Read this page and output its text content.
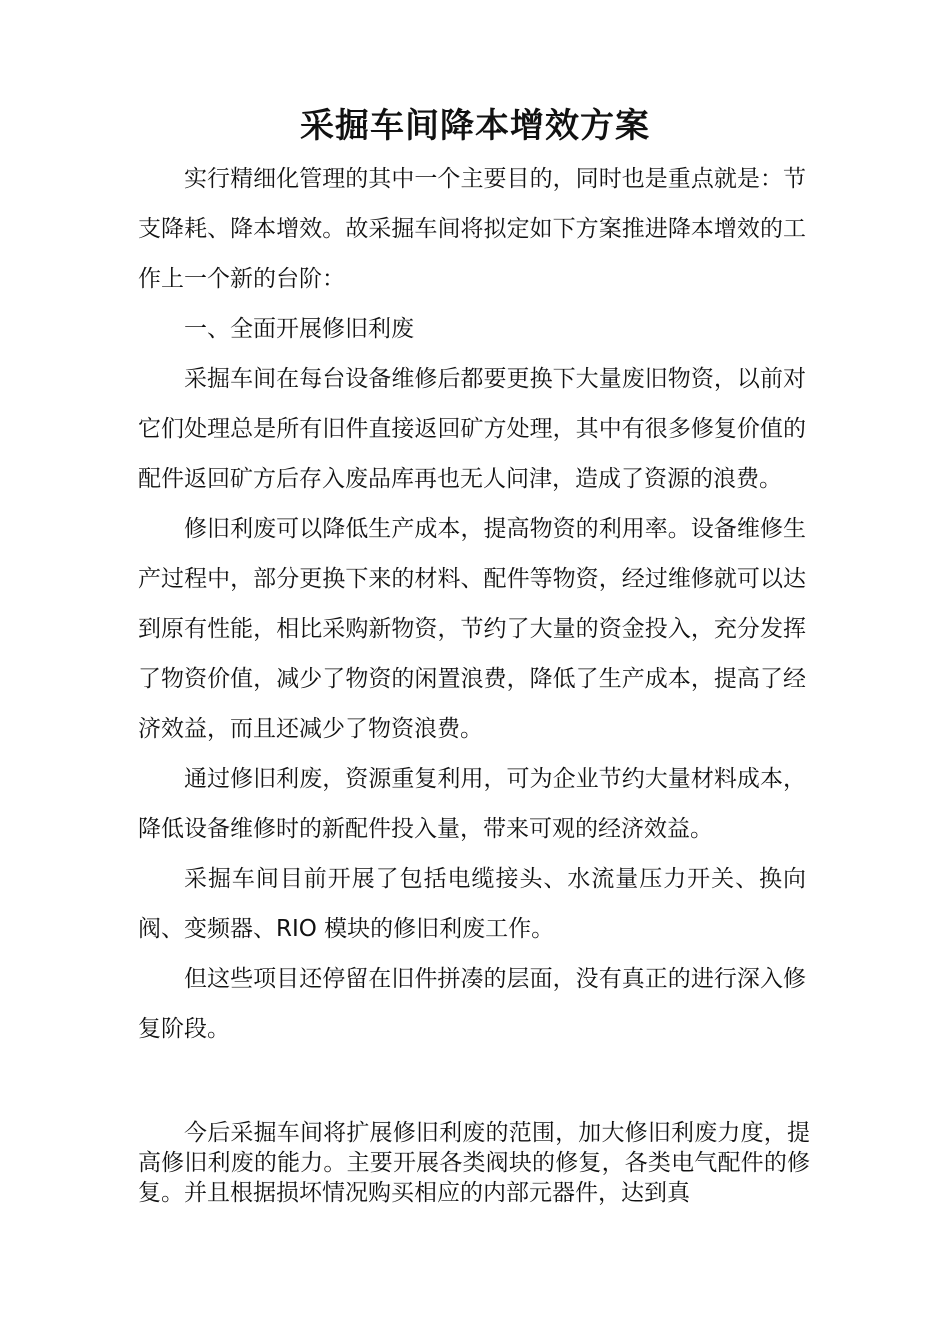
采掘车间降本增效方案

实行精细化管理的其中一个主要目的，同时也是重点就是：节支降耗、降本增效。故采掘车间将拟定如下方案推进降本增效的工作上一个新的台阶：

一、全面开展修旧利废

采掘车间在每台设备维修后都要更换下大量废旧物资，以前对它们处理总是所有旧件直接返回矿方处理，其中有很多修复价值的配件返回矿方后存入废品库再也无人问津，造成了资源的浪费。

修旧利废可以降低生产成本，提高物资的利用率。设备维修生产过程中，部分更换下来的材料、配件等物资，经过维修就可以达到原有性能，相比采购新物资，节约了大量的资金投入，充分发挥了物资价值，减少了物资的闲置浪费，降低了生产成本，提高了经济效益，而且还减少了物资浪费。

通过修旧利废，资源重复利用，可为企业节约大量材料成本，降低设备维修时的新配件投入量，带来可观的经济效益。

采掘车间目前开展了包括电缆接头、水流量压力开关、换向阀、变频器、RIO 模块的修旧利废工作。

但这些项目还停留在旧件拼凑的层面，没有真正的进行深入修复阶段。

今后采掘车间将扩展修旧利废的范围，加大修旧利废力度，提高修旧利废的能力。主要开展各类阀块的修复，各类电气配件的修复。并且根据损坏情况购买相应的内部元器件，达到真
